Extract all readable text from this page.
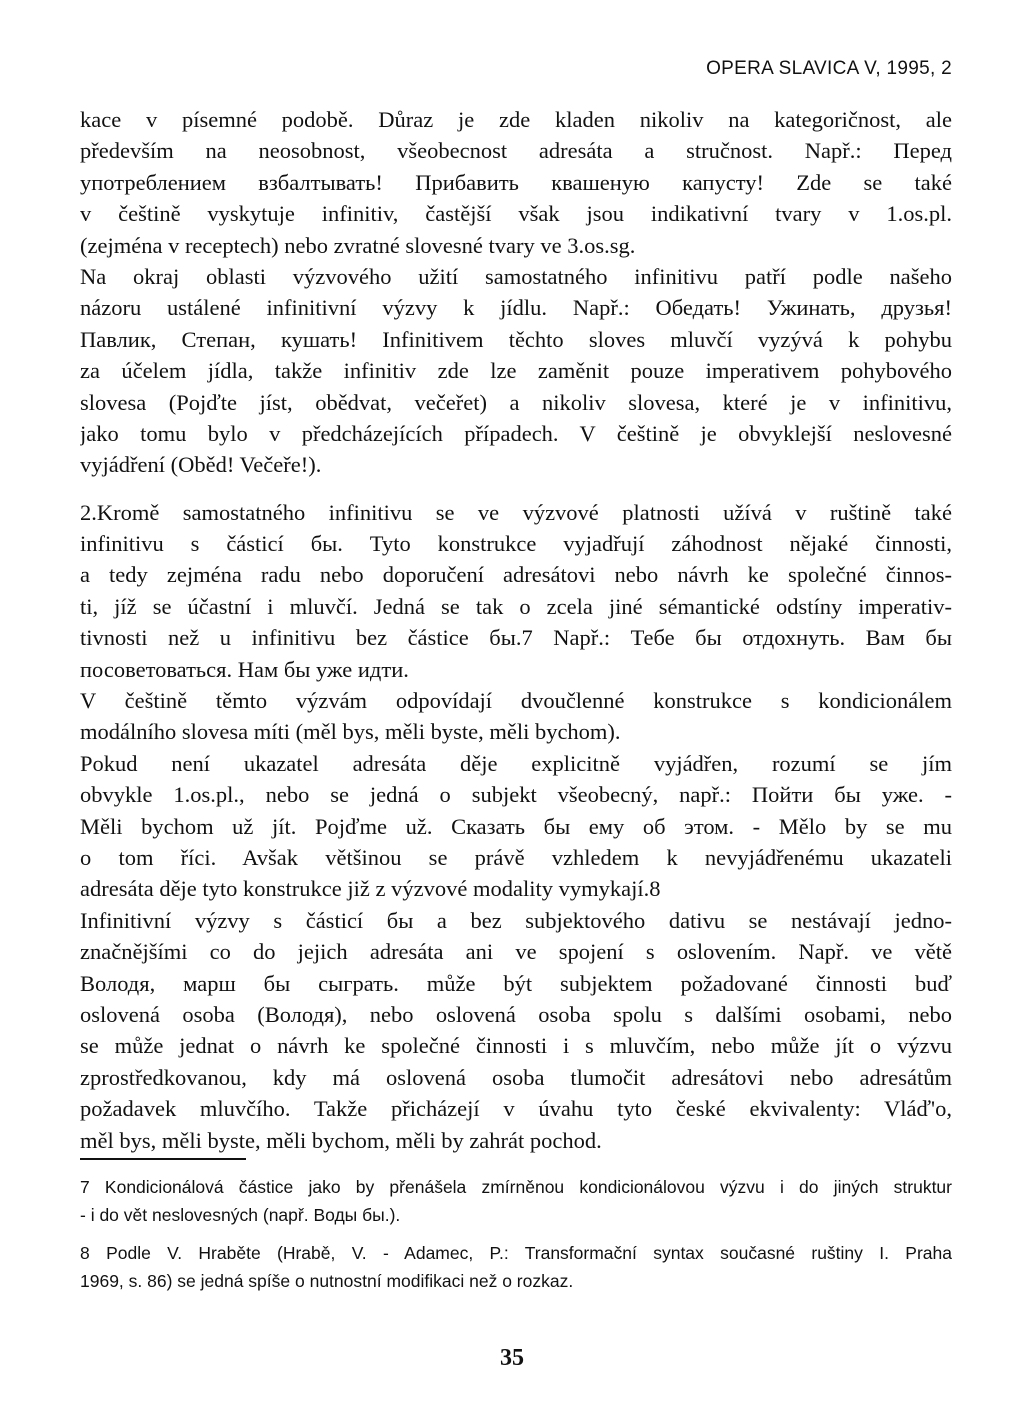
OPERA SLAVICA V, 1995, 2
kace v písemné podobě. Důraz je zde kladen nikoliv na kategoričnost, ale
především na neosobnost, všeobecnost adresáta a stručnost. Např.: Перед
употреблением взбалтывать! Прибавить квашеную капусту! Zde se také
v češtině vyskytuje infinitiv, častější však jsou indikativní tvary v 1.os.pl.
(zejména v receptech) nebo zvratné slovesné tvary ve 3.os.sg.
Na okraj oblasti výzvového užití samostatného infinitivu patří podle našeho
názoru ustálené infinitivní výzvy k jídlu. Např.: Обедать! Ужинать, друзья!
Павлик, Степан, кушать! Infinitivem těchto sloves mluvčí vyzývá k pohybu
za účelem jídla, takže infinitiv zde lze zaměnit pouze imperativem pohybového
slovesa (Pojďte jíst, obědvat, večeřet) a nikoliv slovesa, které je v infinitivu,
jako tomu bylo v předcházejících případech. V češtině je obvyklejší neslovesné
vyjádření (Oběd! Večeře!).
2.Kromě samostatného infinitivu se ve výzvové platnosti užívá v ruštině také
infinitivu s částicí бы. Tyto konstrukce vyjadřují záhodnost nějaké činnosti,
a tedy zejména radu nebo doporučení adresátovi nebo návrh ke společné činnos-
ti, jíž se účastní i mluvčí. Jedná se tak o zcela jiné sémantické odstíny imperativ-
tivnosti než u infinitivu bez částice бы.7 Např.: Тебе бы отдохнуть. Вам бы
посоветоваться. Нам бы уже идти.
V češtině těmto výzvám odpovídají dvoučlenné konstrukce s kondicionálem
modálního slovesa míti (měl bys, měli byste, měli bychom).
Pokud není ukazatel adresáta děje explicitně vyjádřen, rozumí se jím
obvykle 1.os.pl., nebo se jedná o subjekt všeobecný, např.: Пойти бы уже. -
Měli bychom už jít. Pojďme už. Сказать бы ему об этом. - Mělo by se mu
o tom říci. Avšak většinou se právě vzhledem k nevyjádřenému ukazateli
adresáta děje tyto konstrukce již z výzvové modality vymykají.8
Infinitivní výzvy s částicí бы a bez subjektového dativu se nestávají jedno-
značnějšími co do jejich adresáta ani ve spojení s oslovením. Např. ve větě
Володя, марш бы сыграть. může být subjektem požadované činnosti buď
oslovená osoba (Володя), nebo oslovená osoba spolu s dalšími osobami, nebo
se může jednat o návrh ke společné činnosti i s mluvčím, nebo může jít o výzvu
zprostředkovanou, kdy má oslovená osoba tlumočit adresátovi nebo adresátům
požadavek mluvčího. Takže přicházejí v úvahu tyto české ekvivalenty: Vláď'o,
měl bys, měli byste, měli bychom, měli by zahrát pochod.
7 Kondicionálová částice jako by přenášela zmírněnou kondicionálovou výzvu i do jiných struktur
- i do vět neslovesných (např. Воды бы.).
8 Podle V. Hraběte (Hrabě, V. - Adamec, P.: Transformační syntax současné ruštiny I. Praha
1969, s. 86) se jedná spíše o nutnostní modifikaci než o rozkaz.
35
